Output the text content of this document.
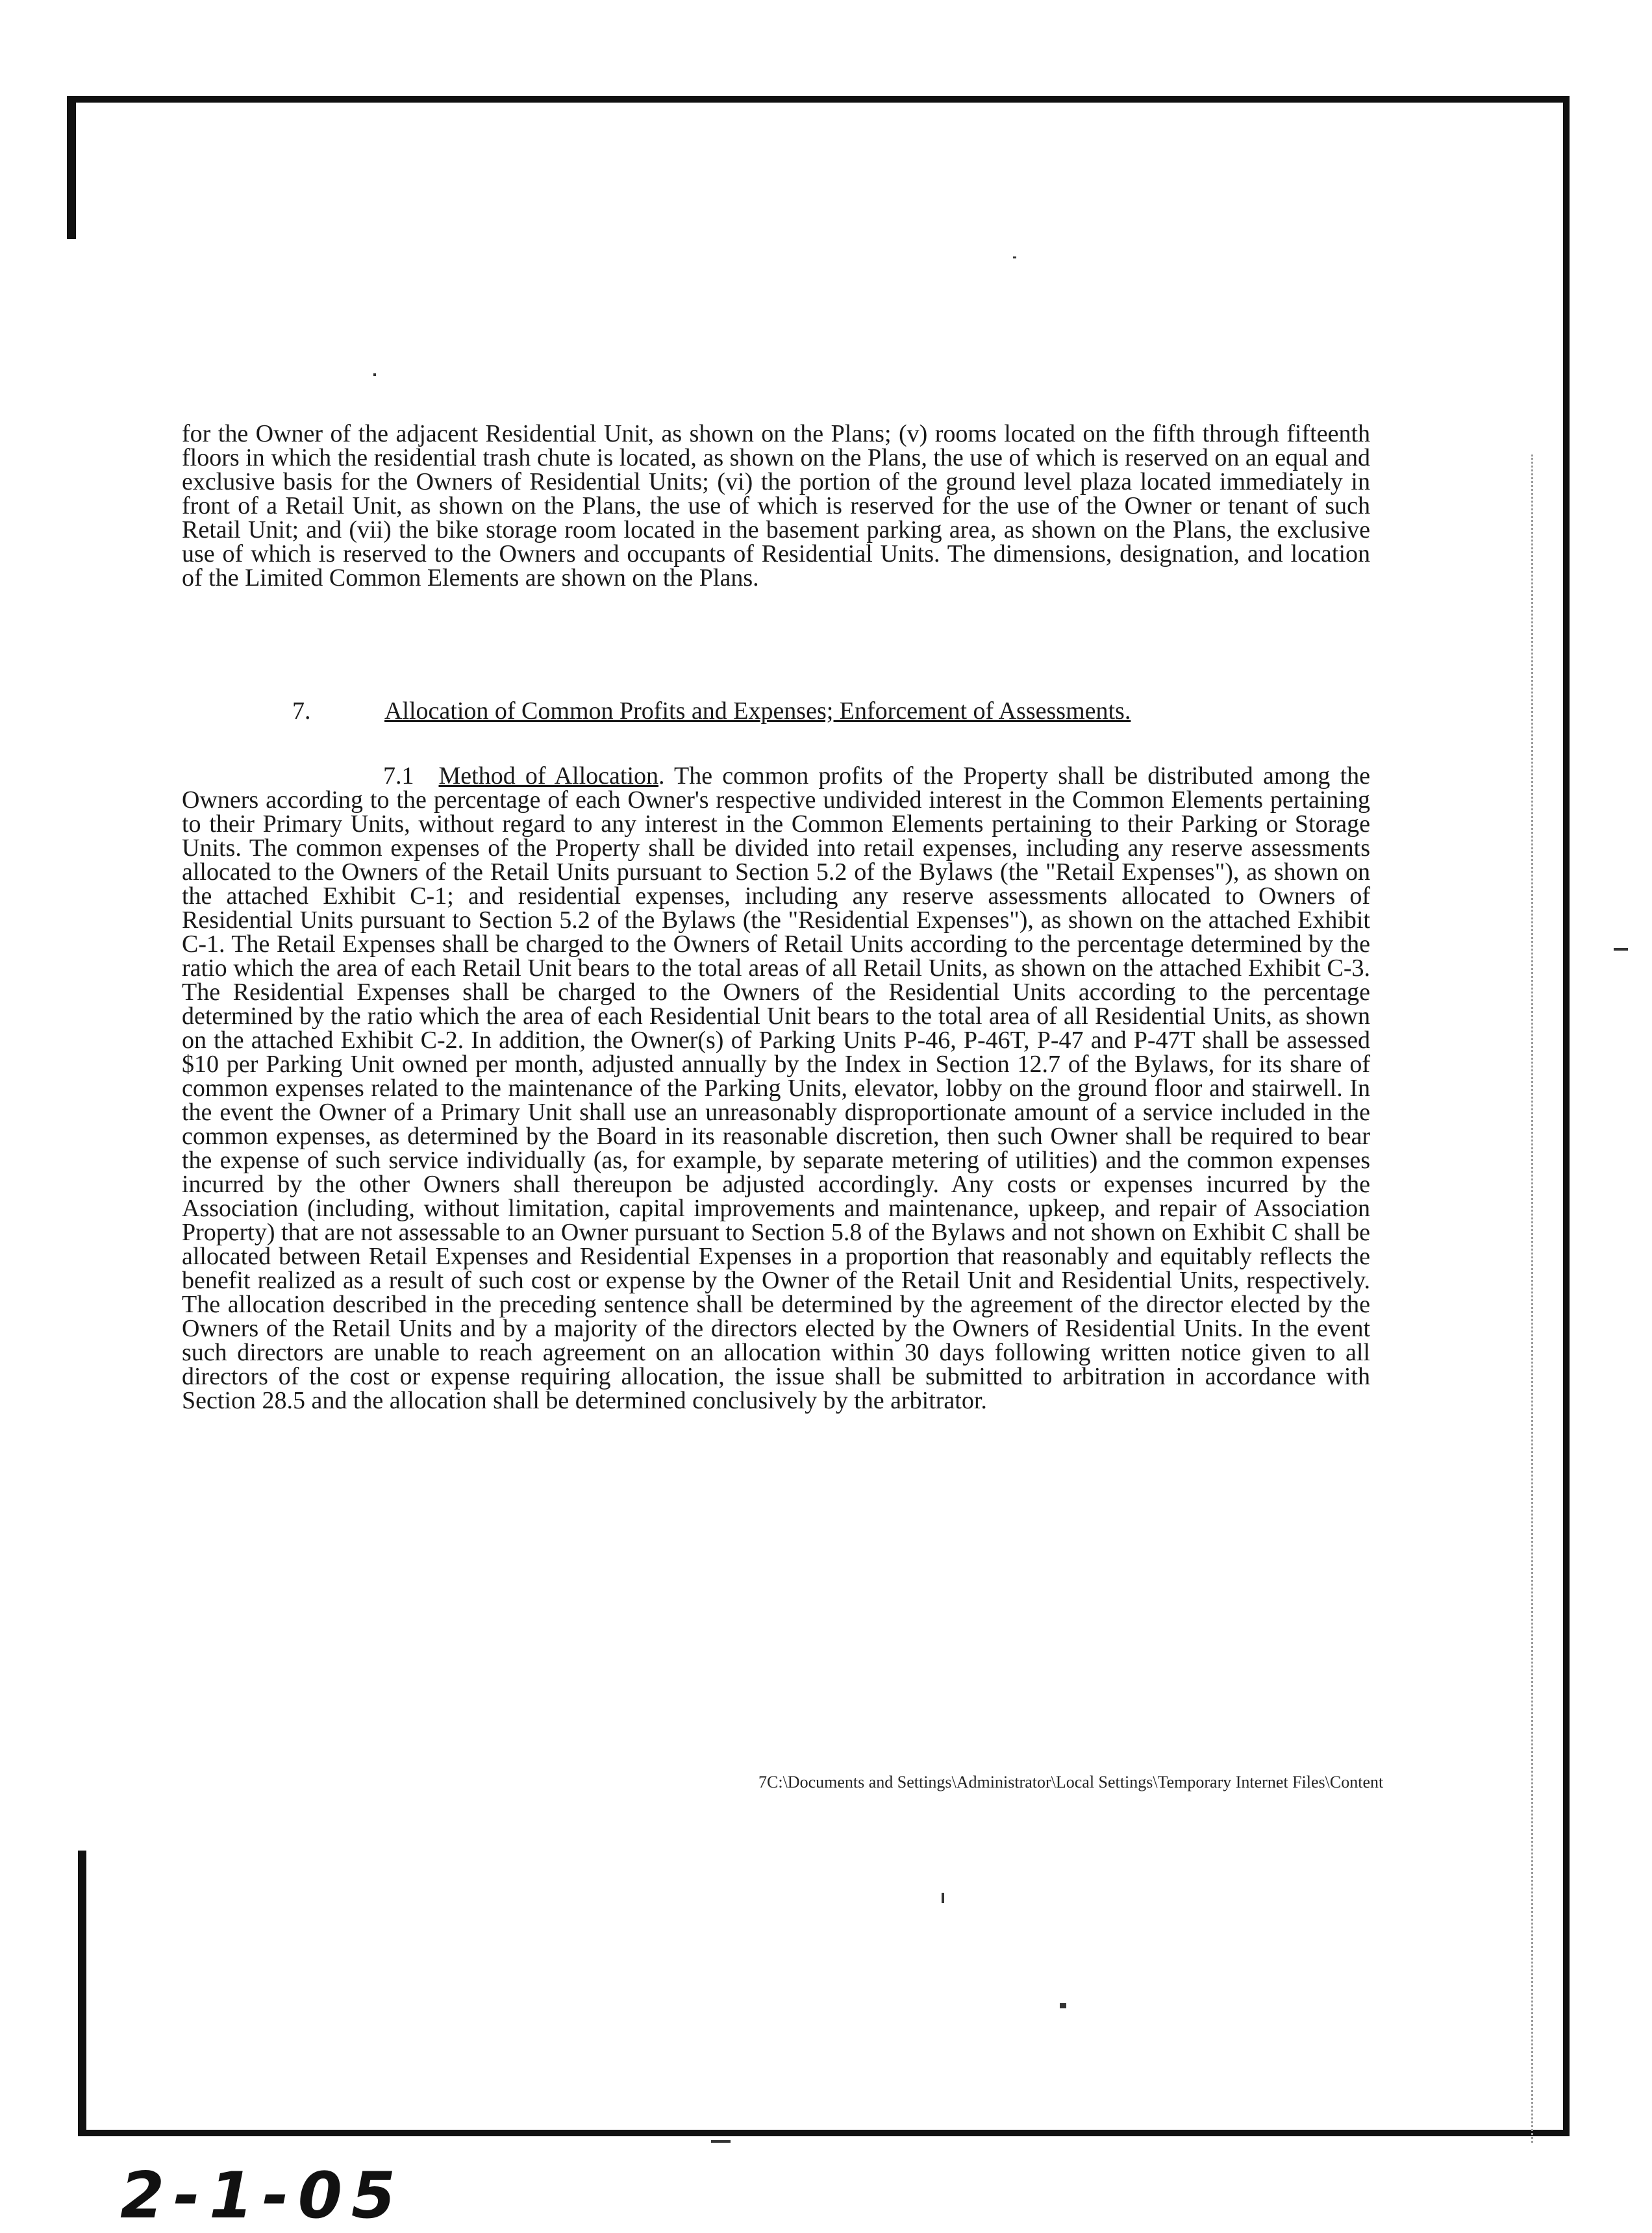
for the Owner of the adjacent Residential Unit, as shown on the Plans; (v) rooms located on the fifth through fifteenth floors in which the residential trash chute is located, as shown on the Plans, the use of which is reserved on an equal and exclusive basis for the Owners of Residential Units; (vi) the portion of the ground level plaza located immediately in front of a Retail Unit, as shown on the Plans, the use of which is reserved for the use of the Owner or tenant of such Retail Unit; and (vii) the bike storage room located in the basement parking area, as shown on the Plans, the exclusive use of which is reserved to the Owners and occupants of Residential Units. The dimensions, designation, and location of the Limited Common Elements are shown on the Plans.
7.	Allocation of Common Profits and Expenses; Enforcement of Assessments.
7.1 Method of Allocation. The common profits of the Property shall be distributed among the Owners according to the percentage of each Owner's respective undivided interest in the Common Elements pertaining to their Primary Units, without regard to any interest in the Common Elements pertaining to their Parking or Storage Units. The common expenses of the Property shall be divided into retail expenses, including any reserve assessments allocated to the Owners of the Retail Units pursuant to Section 5.2 of the Bylaws (the "Retail Expenses"), as shown on the attached Exhibit C-1; and residential expenses, including any reserve assessments allocated to Owners of Residential Units pursuant to Section 5.2 of the Bylaws (the "Residential Expenses"), as shown on the attached Exhibit C-1. The Retail Expenses shall be charged to the Owners of Retail Units according to the percentage determined by the ratio which the area of each Retail Unit bears to the total areas of all Retail Units, as shown on the attached Exhibit C-3. The Residential Expenses shall be charged to the Owners of the Residential Units according to the percentage determined by the ratio which the area of each Residential Unit bears to the total area of all Residential Units, as shown on the attached Exhibit C-2. In addition, the Owner(s) of Parking Units P-46, P-46T, P-47 and P-47T shall be assessed $10 per Parking Unit owned per month, adjusted annually by the Index in Section 12.7 of the Bylaws, for its share of common expenses related to the maintenance of the Parking Units, elevator, lobby on the ground floor and stairwell. In the event the Owner of a Primary Unit shall use an unreasonably disproportionate amount of a service included in the common expenses, as determined by the Board in its reasonable discretion, then such Owner shall be required to bear the expense of such service individually (as, for example, by separate metering of utilities) and the common expenses incurred by the other Owners shall thereupon be adjusted accordingly. Any costs or expenses incurred by the Association (including, without limitation, capital improvements and maintenance, upkeep, and repair of Association Property) that are not assessable to an Owner pursuant to Section 5.8 of the Bylaws and not shown on Exhibit C shall be allocated between Retail Expenses and Residential Expenses in a proportion that reasonably and equitably reflects the benefit realized as a result of such cost or expense by the Owner of the Retail Unit and Residential Units, respectively. The allocation described in the preceding sentence shall be determined by the agreement of the director elected by the Owners of the Retail Units and by a majority of the directors elected by the Owners of Residential Units. In the event such directors are unable to reach agreement on an allocation within 30 days following written notice given to all directors of the cost or expense requiring allocation, the issue shall be submitted to arbitration in accordance with Section 28.5 and the allocation shall be determined conclusively by the arbitrator.
7C:\Documents and Settings\Administrator\Local Settings\Temporary Internet Files\Content
2-1-05
